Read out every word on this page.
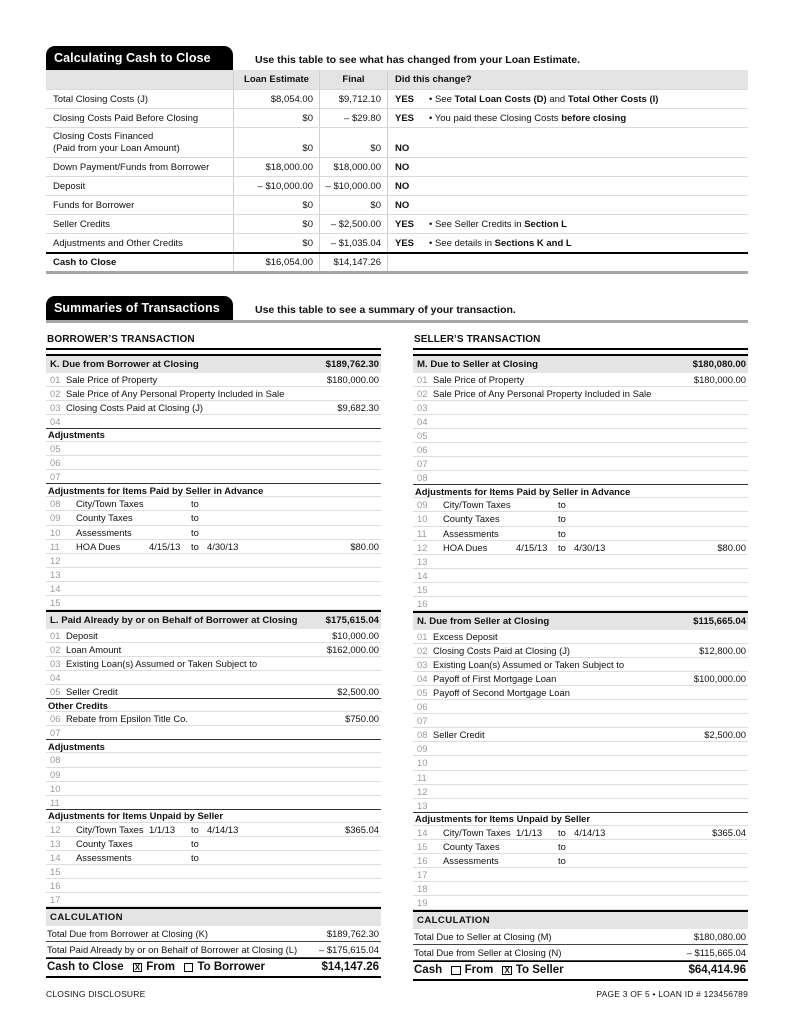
Calculating Cash to Close	Use this table to see what has changed from your Loan Estimate.
Loan Estimate	Final	Did this change?
Total Closing Costs (J)	$8,054.00	$9,712.10	YES	• See Total Loan Costs (D) and Total Other Costs (I)
Closing Costs Paid Before Closing	$0	– $29.80	YES	• You paid these Closing Costs before closing
Closing Costs Financed
(Paid from your Loan Amount)	$0	$0	NO
Down Payment/Funds from Borrower	$18,000.00	$18,000.00	NO
Deposit	– $10,000.00	– $10,000.00	NO
Funds for Borrower	$0	$0	NO
Seller Credits	$0	– $2,500.00	YES	• See Seller Credits in Section L
Adjustments and Other Credits	$0	– $1,035.04	YES	• See details in Sections K and L
Cash to Close	$16,054.00	$14,147.26
Summaries of Transactions	Use this table to see a summary of your transaction.
BORROWER’S TRANSACTION
K. Due from Borrower at Closing	$189,762.30
01 Sale Price of Property	$180,000.00
02 Sale Price of Any Personal Property Included in Sale
03 Closing Costs Paid at Closing (J)	$9,682.30
04
Adjustments
05
06
07
Adjustments for Items Paid by Seller in Advance
08 City/Town Taxes	to
09 County Taxes	to
10 Assessments	to
11 HOA Dues	4/15/13	to 4/30/13	$80.00
12
13
14
15
L. Paid Already by or on Behalf of Borrower at Closing	$175,615.04
01 Deposit	$10,000.00
02 Loan Amount	$162,000.00
03 Existing Loan(s) Assumed or Taken Subject to
04
05 Seller Credit	$2,500.00
Other Credits
06 Rebate from Epsilon Title Co.	$750.00
07
Adjustments
08
09
10
11
Adjustments for Items Unpaid by Seller
12 City/Town Taxes 1/1/13	to 4/14/13	$365.04
13 County Taxes	to
14 Assessments	to
15
16
17
CALCULATION
Total Due from Borrower at Closing (K)	$189,762.30
Total Paid Already by or on Behalf of Borrower at Closing (L) – $175,615.04
Cash to Close X From To Borrower	$14,147.26
SELLER’S TRANSACTION
M. Due to Seller at Closing	$180,080.00
01 Sale Price of Property	$180,000.00
02 Sale Price of Any Personal Property Included in Sale
03
04
05
06
07
08
Adjustments for Items Paid by Seller in Advance
09 City/Town Taxes	to
10 County Taxes	to
11 Assessments	to
12 HOA Dues	4/15/13	to 4/30/13	$80.00
13
14
15
16
N. Due from Seller at Closing	$115,665.04
01 Excess Deposit
02 Closing Costs Paid at Closing (J)	$12,800.00
03 Existing Loan(s) Assumed or Taken Subject to
04 Payoff of First Mortgage Loan	$100,000.00
05 Payoff of Second Mortgage Loan
06
07
08 Seller Credit	$2,500.00
09
10
11
12
13
Adjustments for Items Unpaid by Seller
14 City/Town Taxes 1/1/13	to 4/14/13	$365.04
15 County Taxes	to
16 Assessments	to
17
18
19
CALCULATION
Total Due to Seller at Closing (M)	$180,080.00
Total Due from Seller at Closing (N)	– $115,665.04
Cash From X To Seller	$64,414.96
CLOSING DISCLOSURE	PAGE 3 OF 5 • LOAN ID # 123456789
